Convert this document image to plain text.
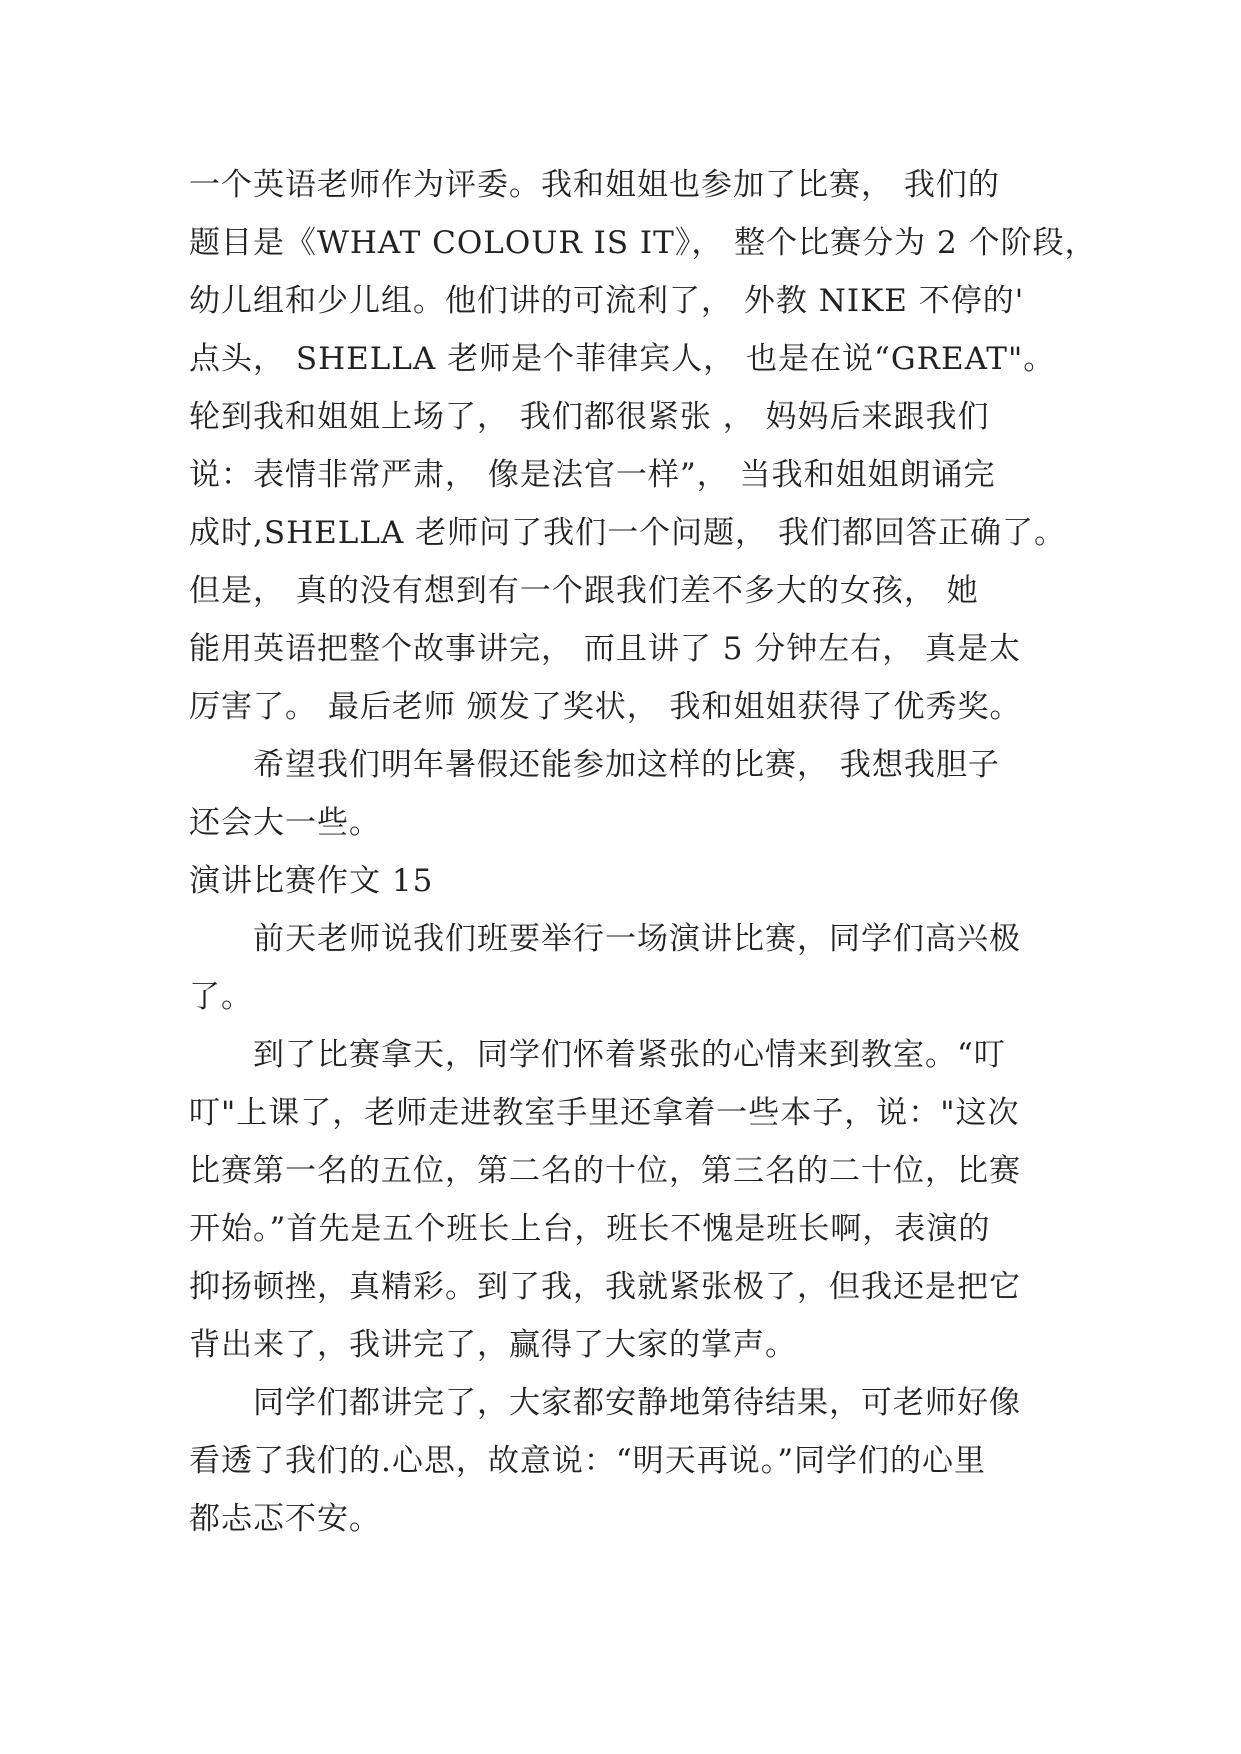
一个英语老师作为评委。我和姐姐也参加了比赛， 我们的
题目是《WHAT COLOUR IS IT》， 整个比赛分为 2 个阶段，
幼儿组和少儿组。他们讲的可流利了， 外教 NIKE 不停的'
点头， SHELLA 老师是个菲律宾人， 也是在说“GREAT"。
轮到我和姐姐上场了， 我们都很紧张 ， 妈妈后来跟我们
说：表情非常严肃， 像是法官一样”， 当我和姐姐朗诵完
成时,SHELLA 老师问了我们一个问题， 我们都回答正确了。
但是， 真的没有想到有一个跟我们差不多大的女孩， 她
能用英语把整个故事讲完， 而且讲了 5 分钟左右， 真是太
厉害了。 最后老师 颁发了奖状， 我和姐姐获得了优秀奖。
希望我们明年暑假还能参加这样的比赛， 我想我胆子
还会大一些。
演讲比赛作文 15
前天老师说我们班要举行一场演讲比赛，同学们高兴极
了。
到了比赛拿天，同学们怀着紧张的心情来到教室。“叮
叮"上课了，老师走进教室手里还拿着一些本子，说："这次
比赛第一名的五位，第二名的十位，第三名的二十位，比赛
开始。”首先是五个班长上台，班长不愧是班长啊，表演的
抑扬顿挫，真精彩。到了我，我就紧张极了，但我还是把它
背出来了，我讲完了，赢得了大家的掌声。
同学们都讲完了，大家都安静地第待结果，可老师好像
看透了我们的.心思，故意说：“明天再说。”同学们的心里
都忐忑不安。
